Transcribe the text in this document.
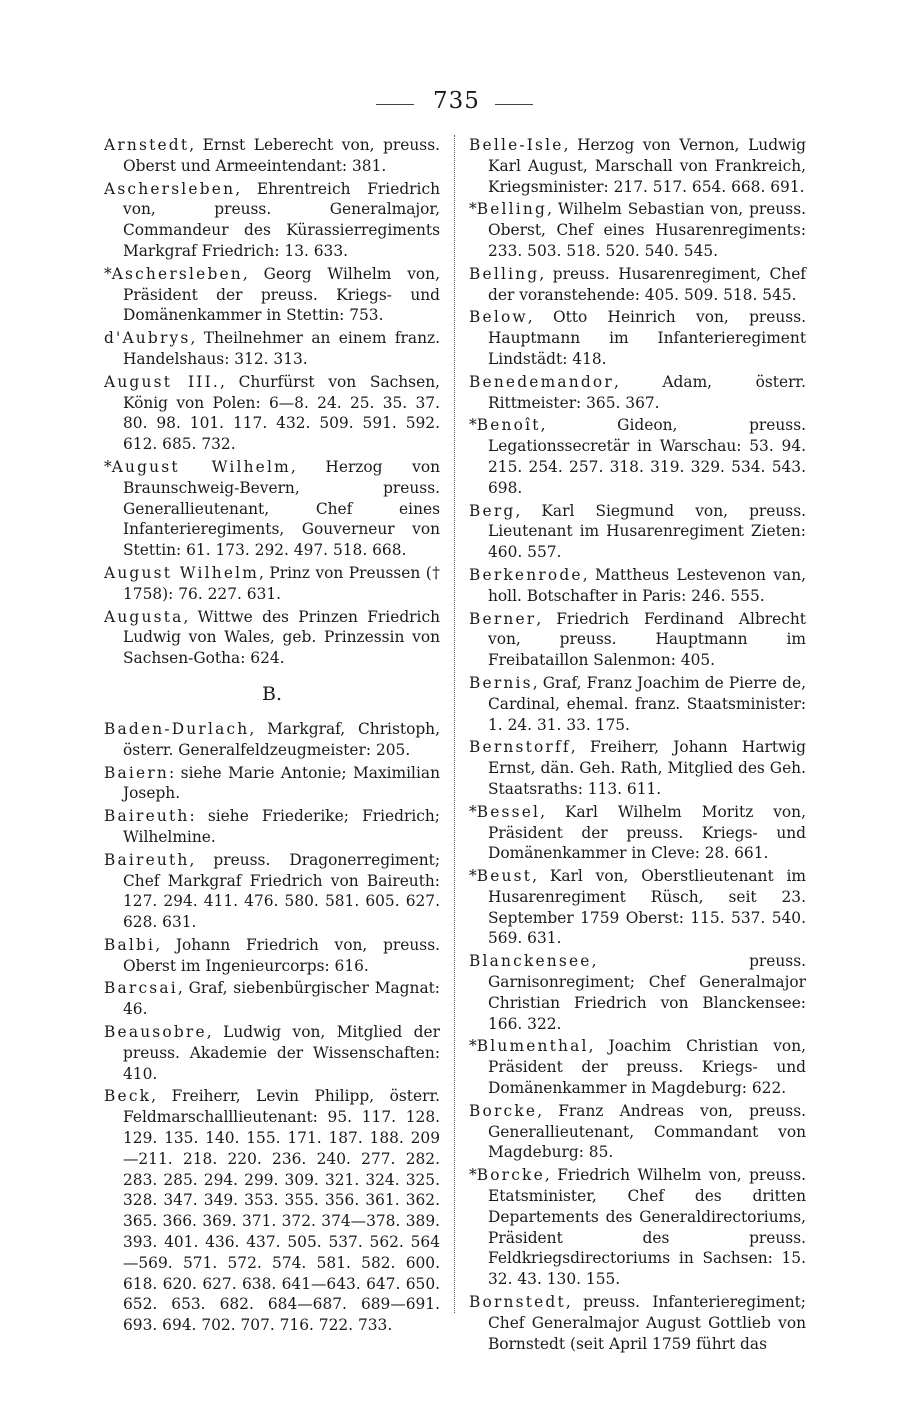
735

Arnstedt, Ernst Leberecht von, preuss. Oberst und Armeeintendant: 381.

Aschersleben, Ehrentreich Friedrich von, preuss. Generalmajor, Commandeur des Kürassierregiments Markgraf Friedrich: 13. 633.

*Aschersleben, Georg Wilhelm von, Präsident der preuss. Kriegs- und Domänenkammer in Stettin: 753.

d'Aubrys, Theilnehmer an einem franz. Handelshaus: 312. 313.

August III., Churfürst von Sachsen, König von Polen: 6—8. 24. 25. 35. 37. 80. 98. 101. 117. 432. 509. 591. 592. 612. 685. 732.

*August Wilhelm, Herzog von Braunschweig-Bevern, preuss. Generallieutenant, Chef eines Infanterieregiments, Gouverneur von Stettin: 61. 173. 292. 497. 518. 668.

August Wilhelm, Prinz von Preussen († 1758): 76. 227. 631.

Augusta, Wittwe des Prinzen Friedrich Ludwig von Wales, geb. Prinzessin von Sachsen-Gotha: 624.

B.

Baden-Durlach, Markgraf, Christoph, österr. Generalfeldzeugmeister: 205.

Baiern: siehe Marie Antonie; Maximilian Joseph.

Baireuth: siehe Friederike; Friedrich; Wilhelmine.

Baireuth, preuss. Dragonerregiment; Chef Markgraf Friedrich von Baireuth: 127. 294. 411. 476. 580. 581. 605. 627. 628. 631.

Balbi, Johann Friedrich von, preuss. Oberst im Ingenieurcorps: 616.

Barcsai, Graf, siebenbürgischer Magnat: 46.

Beausobre, Ludwig von, Mitglied der preuss. Akademie der Wissenschaften: 410.

Beck, Freiherr, Levin Philipp, österr. Feldmarschalllieutenant: 95. 117. 128. 129. 135. 140. 155. 171. 187. 188. 209—211. 218. 220. 236. 240. 277. 282. 283. 285. 294. 299. 309. 321. 324. 325. 328. 347. 349. 353. 355. 356. 361. 362. 365. 366. 369. 371. 372. 374—378. 389. 393. 401. 436. 437. 505. 537. 562. 564—569. 571. 572. 574. 581. 582. 600. 618. 620. 627. 638. 641—643. 647. 650. 652. 653. 682. 684—687. 689—691. 693. 694. 702. 707. 716. 722. 733.

Belle-Isle, Herzog von Vernon, Ludwig Karl August, Marschall von Frankreich, Kriegsminister: 217. 517. 654. 668. 691.

*Belling, Wilhelm Sebastian von, preuss. Oberst, Chef eines Husarenregiments: 233. 503. 518. 520. 540. 545.

Belling, preuss. Husarenregiment, Chef der voranstehende: 405. 509. 518. 545.

Below, Otto Heinrich von, preuss. Hauptmann im Infanterieregiment Lindstädt: 418.

Benedemandor, Adam, österr. Rittmeister: 365. 367.

*Benoît, Gideon, preuss. Legationssecretär in Warschau: 53. 94. 215. 254. 257. 318. 319. 329. 534. 543. 698.

Berg, Karl Siegmund von, preuss. Lieutenant im Husarenregiment Zieten: 460. 557.

Berkenrode, Mattheus Lestevenon van, holl. Botschafter in Paris: 246. 555.

Berner, Friedrich Ferdinand Albrecht von, preuss. Hauptmann im Freibataillon Salenmon: 405.

Bernis, Graf, Franz Joachim de Pierre de, Cardinal, ehemal. franz. Staatsminister: 1. 24. 31. 33. 175.

Bernstorff, Freiherr, Johann Hartwig Ernst, dän. Geh. Rath, Mitglied des Geh. Staatsraths: 113. 611.

*Bessel, Karl Wilhelm Moritz von, Präsident der preuss. Kriegs- und Domänenkammer in Cleve: 28. 661.

*Beust, Karl von, Oberstlieutenant im Husarenregiment Rüsch, seit 23. September 1759 Oberst: 115. 537. 540. 569. 631.

Blanckensee, preuss. Garnisonregiment; Chef Generalmajor Christian Friedrich von Blanckensee: 166. 322.

*Blumenthal, Joachim Christian von, Präsident der preuss. Kriegs- und Domänenkammer in Magdeburg: 622.

Borcke, Franz Andreas von, preuss. Generallieutenant, Commandant von Magdeburg: 85.

*Borcke, Friedrich Wilhelm von, preuss. Etatsminister, Chef des dritten Departements des Generaldirectoriums, Präsident des preuss. Feldkriegsdirectoriums in Sachsen: 15. 32. 43. 130. 155.

Bornstedt, preuss. Infanterieregiment; Chef Generalmajor August Gottlieb von Bornstedt (seit April 1759 führt das
